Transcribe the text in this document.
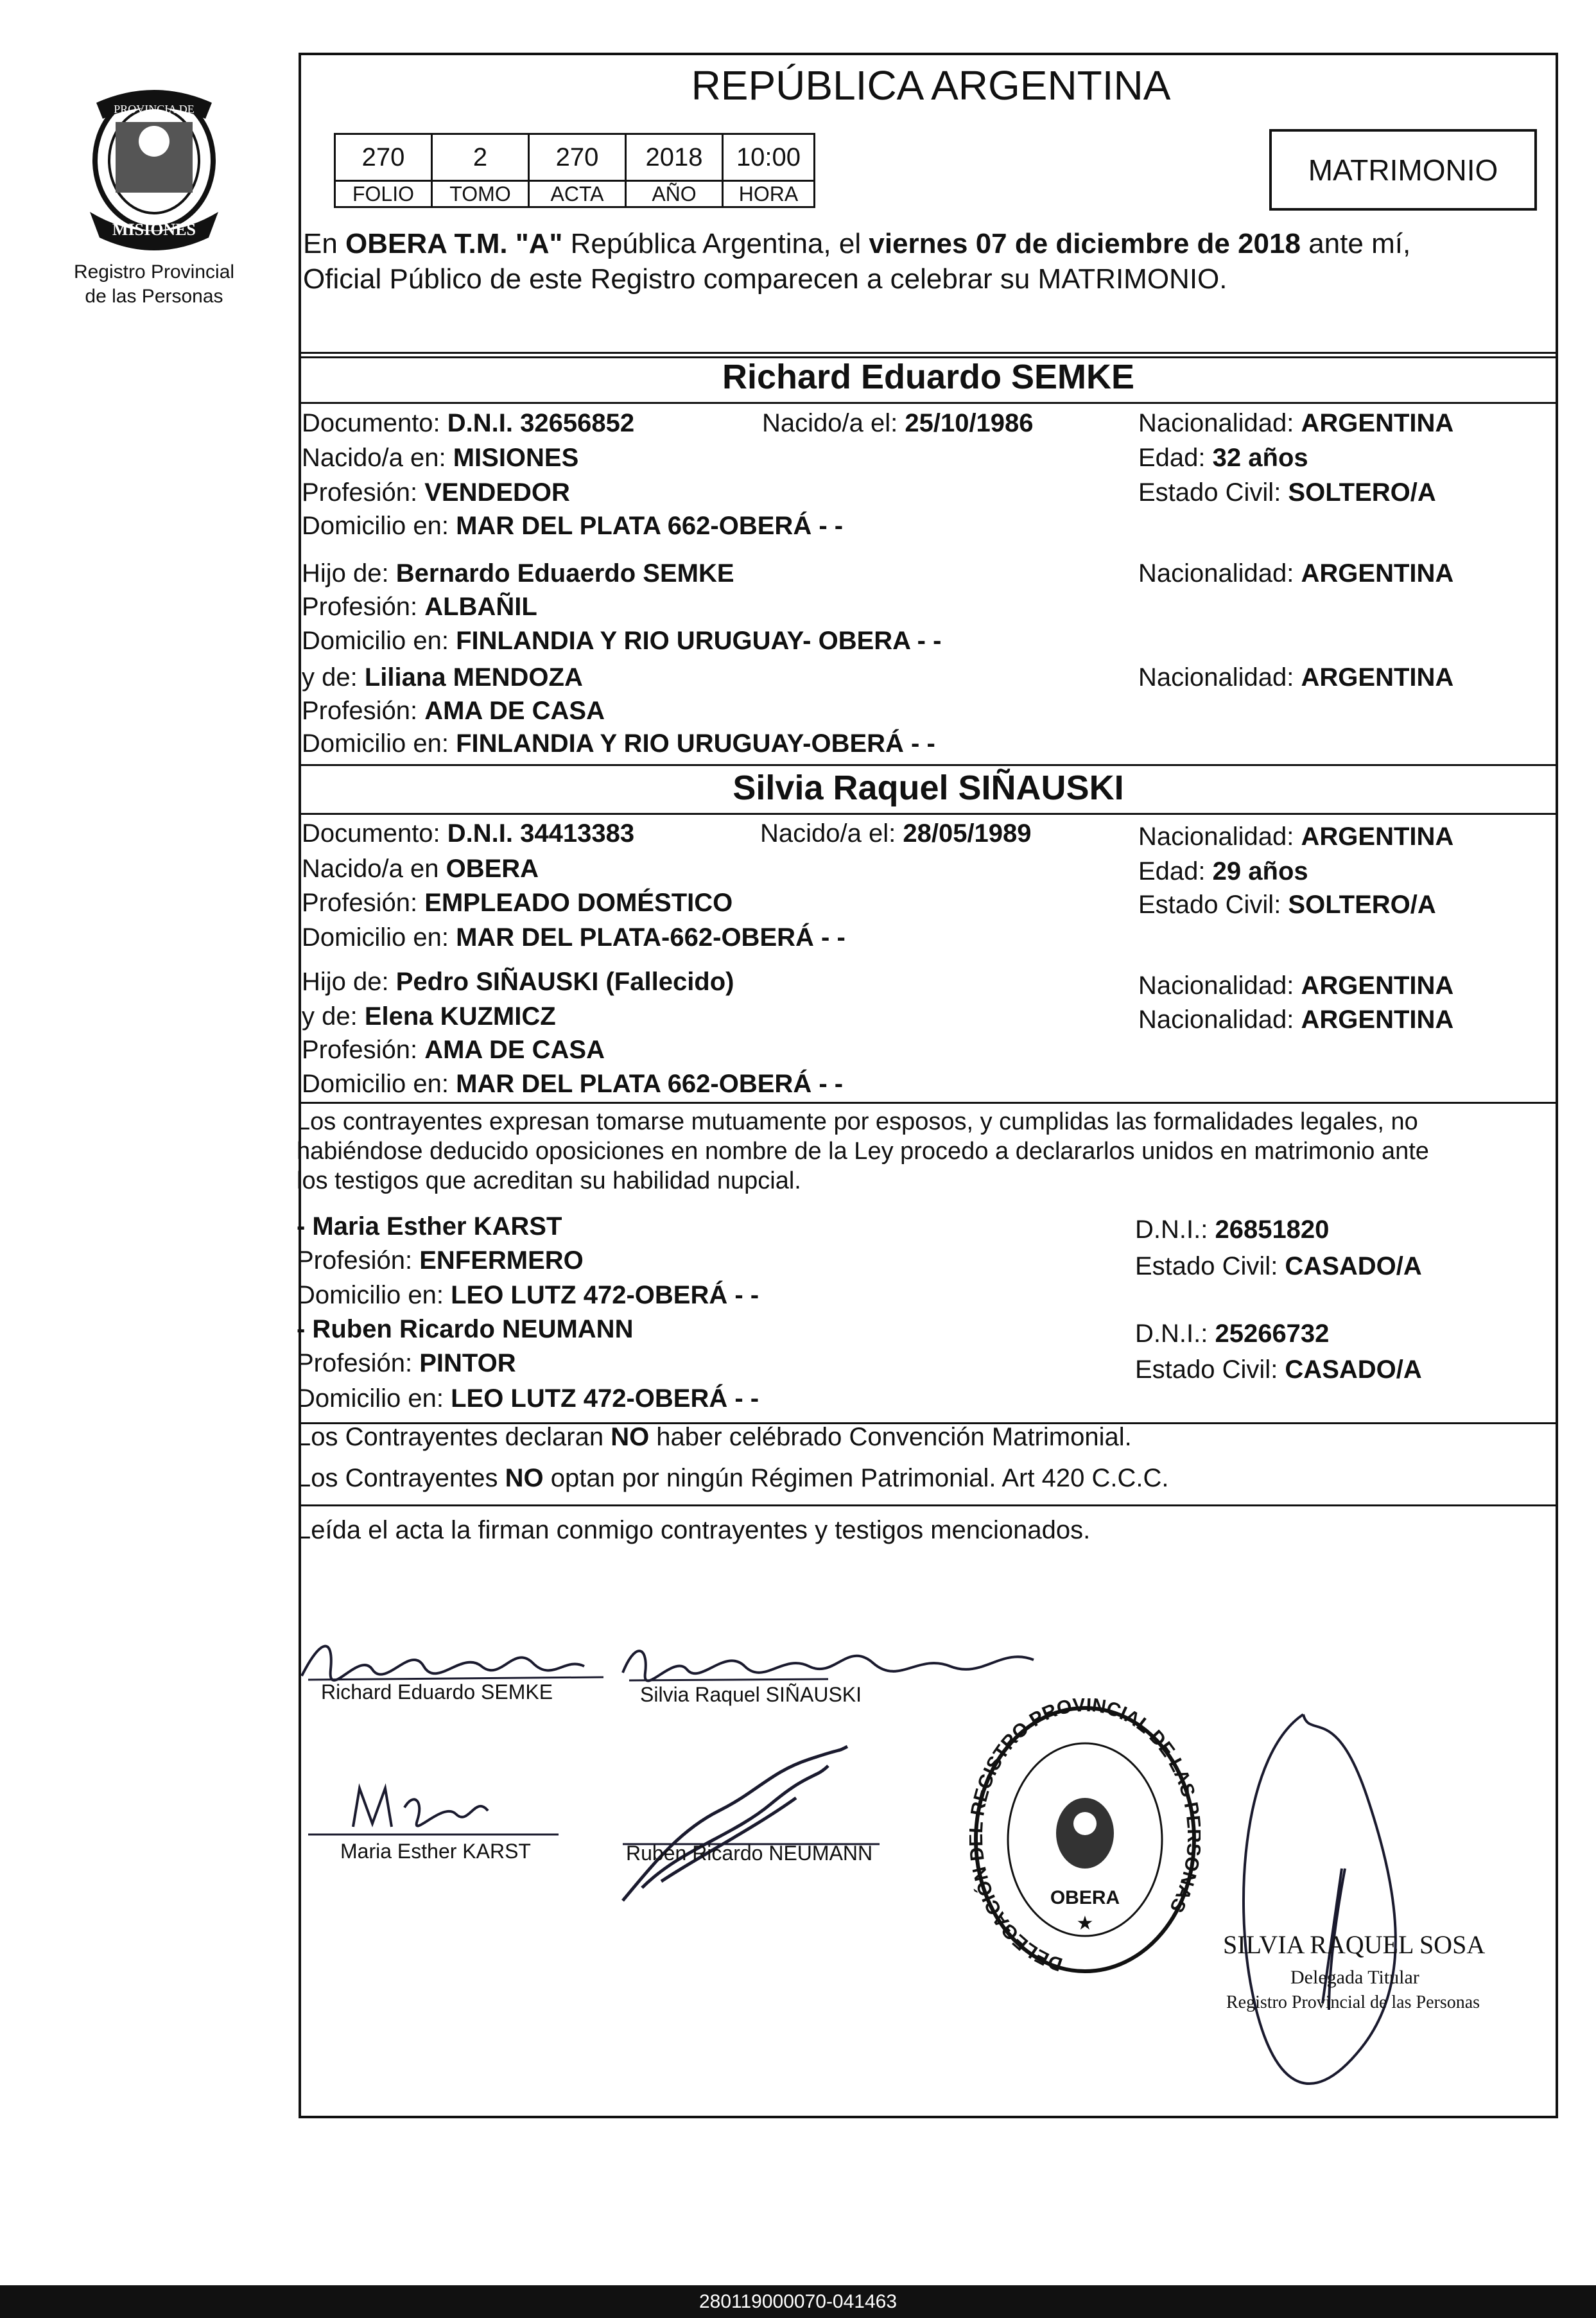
PROVINCIA DE
MISIONES
Registro Provincial
de las Personas
REPÚBLICA ARGENTINA
270	2	270	2018	10:00
FOLIO	TOMO	ACTA	AÑO	HORA
MATRIMONIO
En OBERA T.M. "A" República Argentina, el viernes 07 de diciembre de 2018 ante mí,
Oficial Público de este Registro comparecen a celebrar su MATRIMONIO.
Richard Eduardo SEMKE
Documento: D.N.I. 32656852	Nacido/a el: 25/10/1986	Nacionalidad: ARGENTINA
Nacido/a en: MISIONES	Edad: 32 años
Profesión: VENDEDOR	Estado Civil: SOLTERO/A
Domicilio en: MAR DEL PLATA 662-OBERÁ - -
Hijo de: Bernardo Eduaerdo SEMKE	Nacionalidad: ARGENTINA
Profesión: ALBAÑIL
Domicilio en: FINLANDIA Y RIO URUGUAY- OBERA - -
y de: Liliana MENDOZA	Nacionalidad: ARGENTINA
Profesión: AMA DE CASA
Domicilio en: FINLANDIA Y RIO URUGUAY-OBERÁ - -
Silvia Raquel SIÑAUSKI
Documento: D.N.I. 34413383	Nacido/a el: 28/05/1989	Nacionalidad: ARGENTINA
Nacido/a en OBERA	Edad: 29 años
Profesión: EMPLEADO DOMÉSTICO	Estado Civil: SOLTERO/A
Domicilio en: MAR DEL PLATA-662-OBERÁ - -
Hijo de: Pedro SIÑAUSKI (Fallecido)	Nacionalidad: ARGENTINA
y de: Elena KUZMICZ	Nacionalidad: ARGENTINA
Profesión: AMA DE CASA
Domicilio en: MAR DEL PLATA 662-OBERÁ - -
Los contrayentes expresan tomarse mutuamente por esposos, y cumplidas las formalidades legales, no
habiéndose deducido oposiciones en nombre de la Ley procedo a declararlos unidos en matrimonio ante
los testigos que acreditan su habilidad nupcial.
- Maria Esther KARST	D.N.I.: 26851820
Profesión: ENFERMERO	Estado Civil: CASADO/A
Domicilio en: LEO LUTZ 472-OBERÁ - -
- Ruben Ricardo NEUMANN	D.N.I.: 25266732
Profesión: PINTOR	Estado Civil: CASADO/A
Domicilio en: LEO LUTZ 472-OBERÁ - -
Los Contrayentes declaran NO haber celébrado Convención Matrimonial.
Los Contrayentes NO optan por ningún Régimen Patrimonial. Art 420 C.C.C.
Leída el acta la firman conmigo contrayentes y testigos mencionados.
Richard Eduardo SEMKE	Silvia Raquel SIÑAUSKI
Maria Esther KARST	Ruben Ricardo NEUMANN
DELEGACIÓN EGISTRO PROVINCIAL DE LAS NAS
OBERA
★
SILVIA RAQUEL SOSA
Delegada Titular
Registro Provincial de las Personas
280119000070-041463
